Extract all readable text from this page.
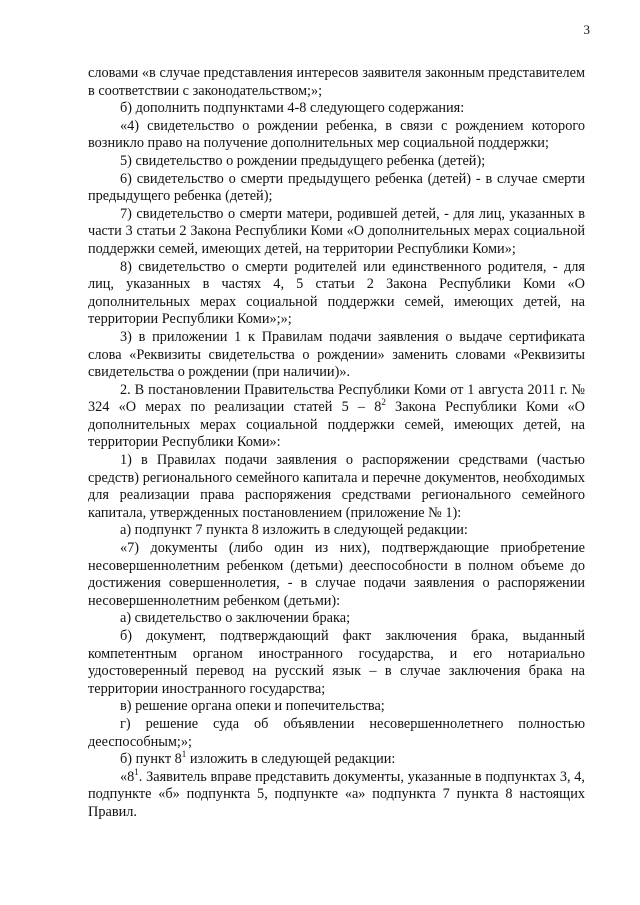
3

словами «в случае представления интересов заявителя законным представителем в соответствии с законодательством;»;

б) дополнить подпунктами 4-8 следующего содержания:

«4) свидетельство о рождении ребенка, в связи с рождением которого возникло право на получение дополнительных мер социальной поддержки;

5) свидетельство о рождении предыдущего ребенка (детей);

6) свидетельство о смерти предыдущего ребенка (детей) - в случае смерти предыдущего ребенка (детей);

7) свидетельство о смерти матери, родившей детей, - для лиц, указанных в части 3 статьи 2 Закона Республики Коми «О дополнительных мерах социальной поддержки семей, имеющих детей, на территории Республики Коми»;

8) свидетельство о смерти родителей или единственного родителя, - для лиц, указанных в частях 4, 5 статьи 2 Закона Республики Коми «О дополнительных мерах социальной поддержки семей, имеющих детей, на территории Республики Коми»;»;

3) в приложении 1 к Правилам подачи заявления о выдаче сертификата слова «Реквизиты свидетельства о рождении» заменить словами «Реквизиты свидетельства о рождении (при наличии)».

2. В постановлении Правительства Республики Коми от 1 августа 2011 г. № 324 «О мерах по реализации статей $5 - 8^2$ Закона Республики Коми «О дополнительных мерах социальной поддержки семей, имеющих детей, на территории Республики Коми»:

1) в Правилах подачи заявления о распоряжении средствами (частью средств) регионального семейного капитала и перечне документов, необходимых для реализации права распоряжения средствами регионального семейного капитала, утвержденных постановлением (приложение № 1):

а) подпункт 7 пункта 8 изложить в следующей редакции:

«7) документы (либо один из них), подтверждающие приобретение несовершеннолетним ребенком (детьми) дееспособности в полном объеме до достижения совершеннолетия, - в случае подачи заявления о распоряжении несовершеннолетним ребенком (детьми):

а) свидетельство о заключении брака;

б) документ, подтверждающий факт заключения брака, выданный компетентным органом иностранного государства, и его нотариально удостоверенный перевод на русский язык – в случае заключения брака на территории иностранного государства;

в) решение органа опеки и попечительства;

г) решение суда об объявлении несовершеннолетнего полностью дееспособным;»;

б) пункт $8^1$ изложить в следующей редакции:

«$8^1$. Заявитель вправе представить документы, указанные в подпунктах 3, 4, подпункте «б» подпункта 5, подпункте «а» подпункта 7 пункта 8 настоящих Правил.
